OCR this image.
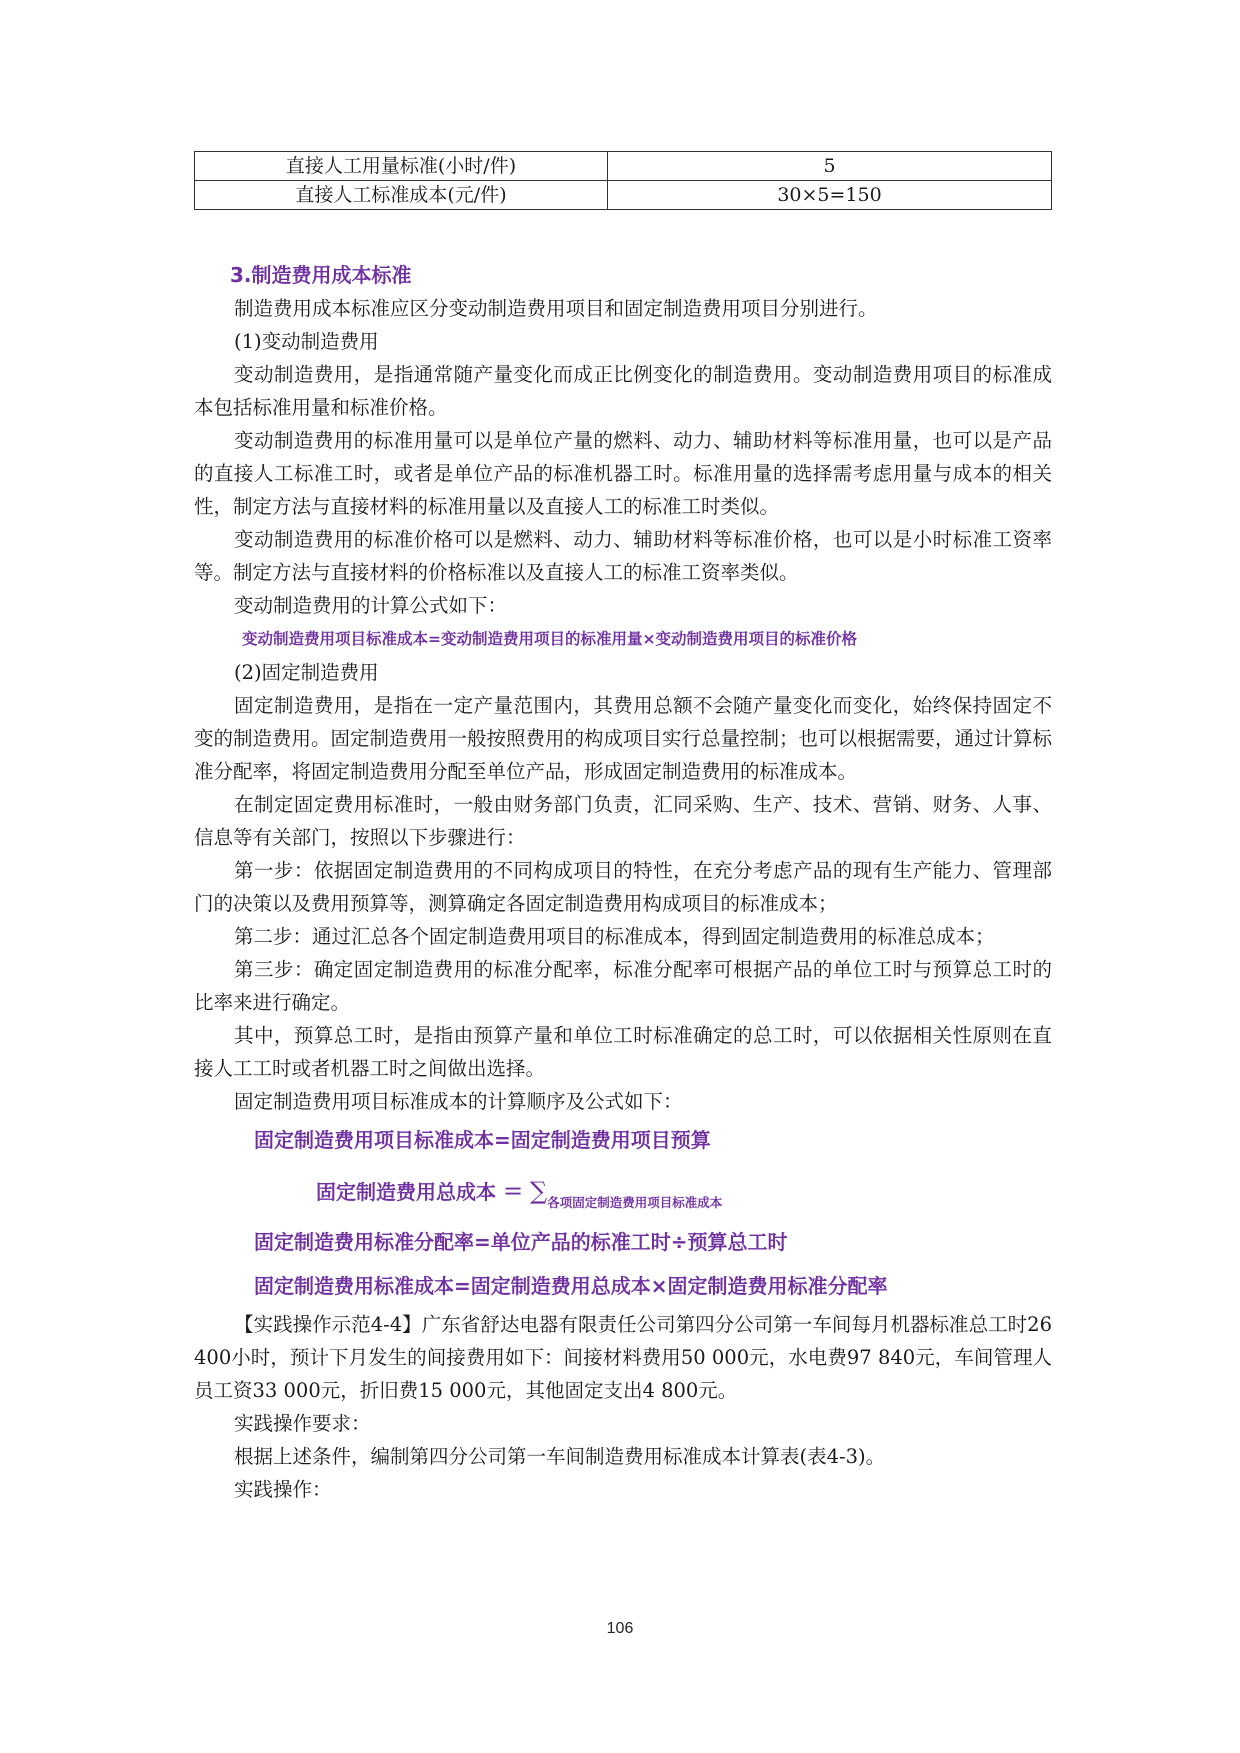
直接人工用量标准(小时/件)	5
直接人工标准成本(元/件)	30×5=150
3.制造费用成本标准

制造费用成本标准应区分变动制造费用项目和固定制造费用项目分别进行。

(1)变动制造费用

变动制造费用，是指通常随产量变化而成正比例变化的制造费用。变动制造费用项目的标准成本包括标准用量和标准价格。

变动制造费用的标准用量可以是单位产量的燃料、动力、辅助材料等标准用量，也可以是产品的直接人工标准工时，或者是单位产品的标准机器工时。标准用量的选择需考虑用量与成本的相关性，制定方法与直接材料的标准用量以及直接人工的标准工时类似。

变动制造费用的标准价格可以是燃料、动力、辅助材料等标准价格，也可以是小时标准工资率等。制定方法与直接材料的价格标准以及直接人工的标准工资率类似。

变动制造费用的计算公式如下：

变动制造费用项目标准成本=变动制造费用项目的标准用量×变动制造费用项目的标准价格

(2)固定制造费用

固定制造费用，是指在一定产量范围内，其费用总额不会随产量变化而变化，始终保持固定不变的制造费用。固定制造费用一般按照费用的构成项目实行总量控制；也可以根据需要，通过计算标准分配率，将固定制造费用分配至单位产品，形成固定制造费用的标准成本。

在制定固定费用标准时，一般由财务部门负责，汇同采购、生产、技术、营销、财务、人事、信息等有关部门，按照以下步骤进行：

第一步：依据固定制造费用的不同构成项目的特性，在充分考虑产品的现有生产能力、管理部门的决策以及费用预算等，测算确定各固定制造费用构成项目的标准成本；

第二步：通过汇总各个固定制造费用项目的标准成本，得到固定制造费用的标准总成本；

第三步：确定固定制造费用的标准分配率，标准分配率可根据产品的单位工时与预算总工时的比率来进行确定。

其中，预算总工时，是指由预算产量和单位工时标准确定的总工时，可以依据相关性原则在直接人工工时或者机器工时之间做出选择。

固定制造费用项目标准成本的计算顺序及公式如下：

固定制造费用项目标准成本=固定制造费用项目预算
固定制造费用总成本 = $\sum_{各项固定制造费用项目标准成本}$
固定制造费用标准分配率=单位产品的标准工时÷预算总工时
固定制造费用标准成本=固定制造费用总成本×固定制造费用标准分配率

【实践操作示范4-4】广东省舒达电器有限责任公司第四分公司第一车间每月机器标准总工时26 400小时，预计下月发生的间接费用如下：间接材料费用50 000元，水电费97 840元，车间管理人员工资33 000元，折旧费15 000元，其他固定支出4 800元。

实践操作要求：

根据上述条件，编制第四分公司第一车间制造费用标准成本计算表(表4-3)。

实践操作：

106
